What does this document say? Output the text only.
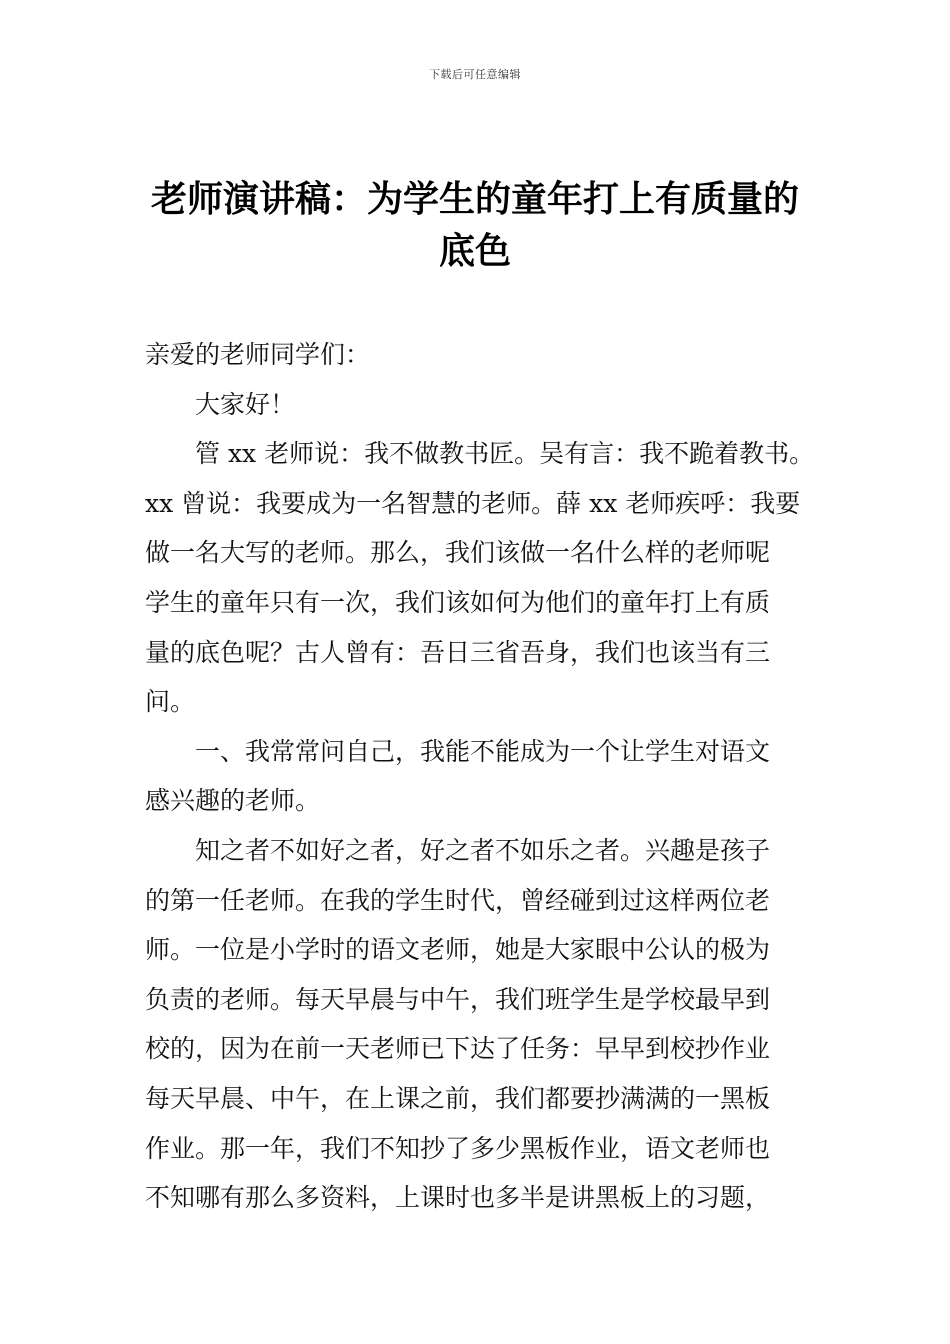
下载后可任意编辑
老师演讲稿：为学生的童年打上有质量的
底色

亲爱的老师同学们：

大家好！

管 xx 老师说：我不做教书匠。吴有言：我不跪着教书。
xx 曾说：我要成为一名智慧的老师。薛 xx 老师疾呼：我要
做一名大写的老师。那么，我们该做一名什么样的老师呢
学生的童年只有一次，我们该如何为他们的童年打上有质
量的底色呢？古人曾有：吾日三省吾身，我们也该当有三
问。

一、我常常问自己，我能不能成为一个让学生对语文
感兴趣的老师。

知之者不如好之者，好之者不如乐之者。兴趣是孩子
的第一任老师。在我的学生时代，曾经碰到过这样两位老
师。一位是小学时的语文老师，她是大家眼中公认的极为
负责的老师。每天早晨与中午，我们班学生是学校最早到
校的，因为在前一天老师已下达了任务：早早到校抄作业
每天早晨、中午，在上课之前，我们都要抄满满的一黑板
作业。那一年，我们不知抄了多少黑板作业，语文老师也
不知哪有那么多资料，上课时也多半是讲黑板上的习题，
